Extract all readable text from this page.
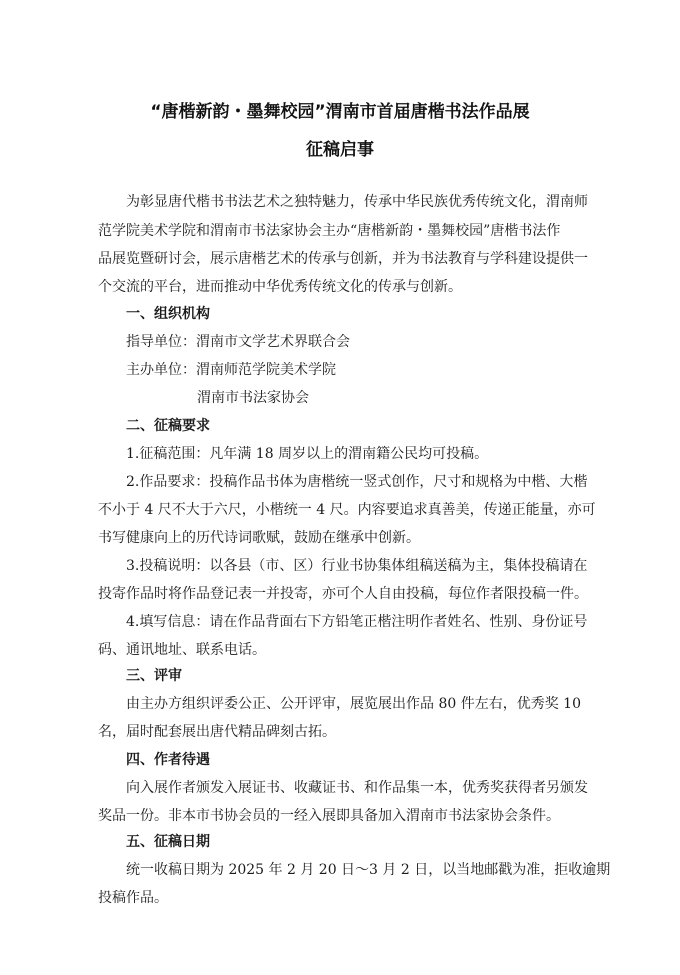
“唐楷新韵・墨舞校园”渭南市首届唐楷书法作品展
征稿启事
为彰显唐代楷书书法艺术之独特魅力，传承中华民族优秀传统文化，渭南师
范学院美术学院和渭南市书法家协会主办“唐楷新韵・墨舞校园”唐楷书法作
品展览暨研讨会，展示唐楷艺术的传承与创新，并为书法教育与学科建设提供一
个交流的平台，进而推动中华优秀传统文化的传承与创新。
一、组织机构
指导单位：渭南市文学艺术界联合会
主办单位：渭南师范学院美术学院
渭南市书法家协会
二、征稿要求
1.征稿范围：凡年满 18 周岁以上的渭南籍公民均可投稿。
2.作品要求：投稿作品书体为唐楷统一竖式创作，尺寸和规格为中楷、大楷
不小于 4 尺不大于六尺，小楷统一 4 尺。内容要追求真善美，传递正能量，亦可
书写健康向上的历代诗词歌赋，鼓励在继承中创新。
3.投稿说明：以各县（市、区）行业书协集体组稿送稿为主，集体投稿请在
投寄作品时将作品登记表一并投寄，亦可个人自由投稿，每位作者限投稿一件。
4.填写信息：请在作品背面右下方铅笔正楷注明作者姓名、性别、身份证号
码、通讯地址、联系电话。
三、评审
由主办方组织评委公正、公开评审，展览展出作品 80 件左右，优秀奖 10
名，届时配套展出唐代精品碑刻古拓。
四、作者待遇
向入展作者颁发入展证书、收藏证书、和作品集一本，优秀奖获得者另颁发
奖品一份。非本市书协会员的一经入展即具备加入渭南市书法家协会条件。
五、征稿日期
统一收稿日期为 2025 年 2 月 20 日～3 月 2 日，以当地邮戳为准，拒收逾期
投稿作品。
